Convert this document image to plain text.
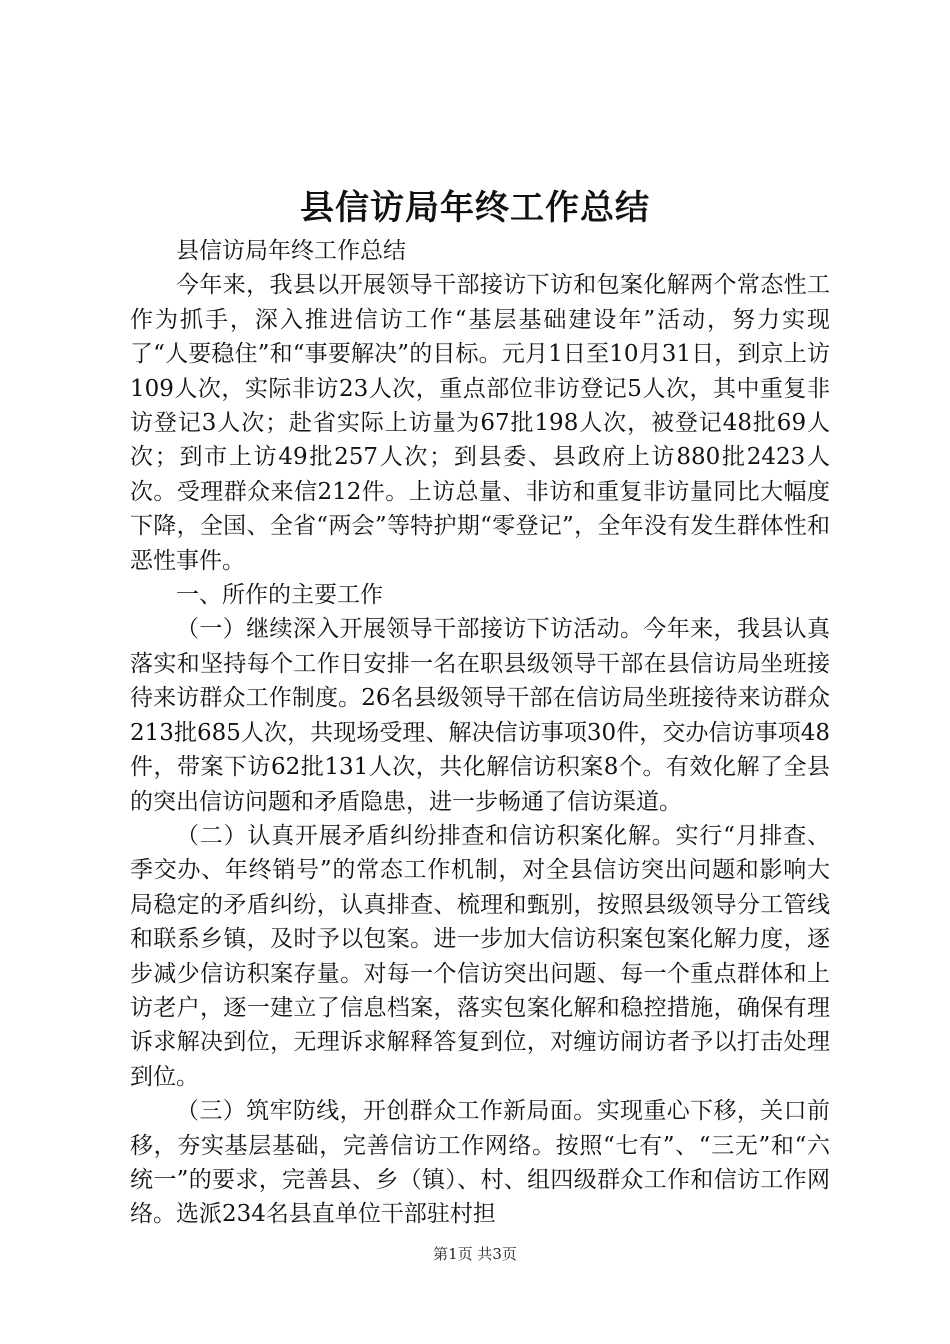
县信访局年终工作总结

县信访局年终工作总结

今年来，我县以开展领导干部接访下访和包案化解两个常态性工作为抓手，深入推进信访工作“基层基础建设年”活动，努力实现了“人要稳住”和“事要解决”的目标。元月1日至10月31日，到京上访109人次，实际非访23人次，重点部位非访登记5人次，其中重复非访登记3人次；赴省实际上访量为67批198人次，被登记48批69人次；到市上访49批257人次；到县委、县政府上访880批2423人次。受理群众来信212件。上访总量、非访和重复非访量同比大幅度下降，全国、全省“两会”等特护期“零登记”，全年没有发生群体性和恶性事件。

一、所作的主要工作

（一）继续深入开展领导干部接访下访活动。今年来，我县认真落实和坚持每个工作日安排一名在职县级领导干部在县信访局坐班接待来访群众工作制度。26名县级领导干部在信访局坐班接待来访群众213批685人次，共现场受理、解决信访事项30件，交办信访事项48件，带案下访62批131人次，共化解信访积案8个。有效化解了全县的突出信访问题和矛盾隐患，进一步畅通了信访渠道。

（二）认真开展矛盾纠纷排查和信访积案化解。实行“月排查、季交办、年终销号”的常态工作机制，对全县信访突出问题和影响大局稳定的矛盾纠纷，认真排查、梳理和甄别，按照县级领导分工管线和联系乡镇，及时予以包案。进一步加大信访积案包案化解力度，逐步减少信访积案存量。对每一个信访突出问题、每一个重点群体和上访老户，逐一建立了信息档案，落实包案化解和稳控措施，确保有理诉求解决到位，无理诉求解释答复到位，对缠访闹访者予以打击处理到位。

（三）筑牢防线，开创群众工作新局面。实现重心下移，关口前移，夯实基层基础，完善信访工作网络。按照“七有”、“三无”和“六统一”的要求，完善县、乡（镇）、村、组四级群众工作和信访工作网络。选派234名县直单位干部驻村担

第1页 共3页
